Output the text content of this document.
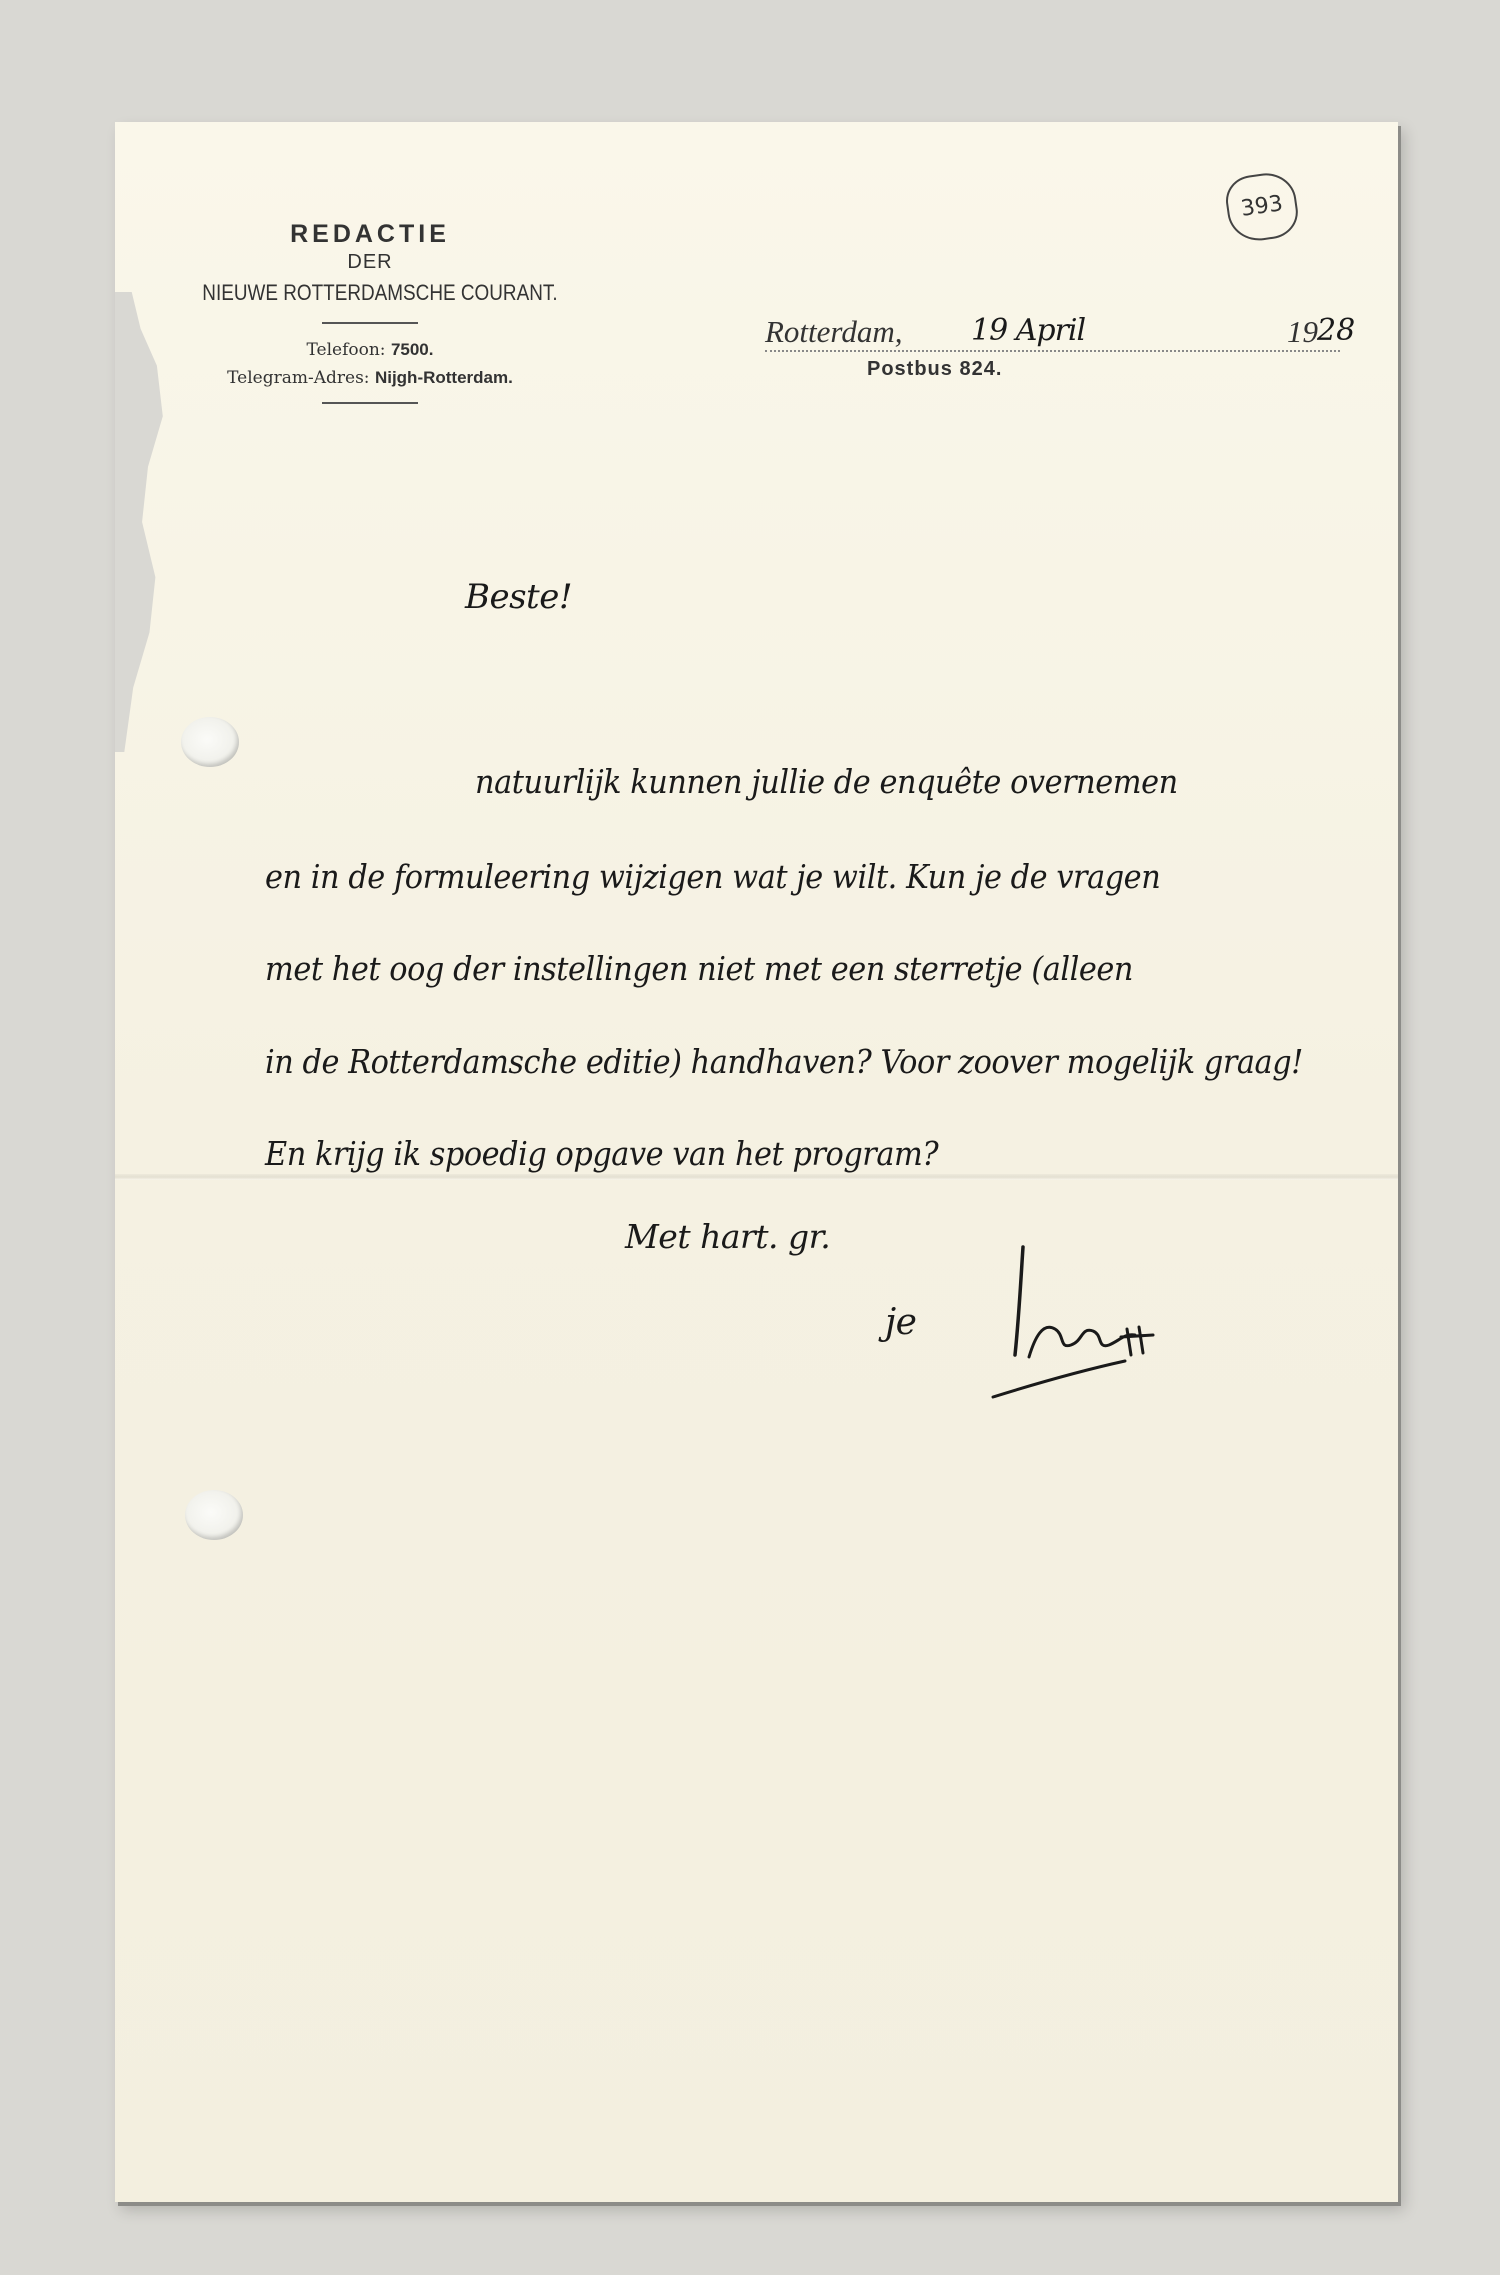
393
REDACTIE
DER
NIEUWE ROTTERDAMSCHE COURANT.
Telefoon: 7500.
Telegram-Adres: Nijgh-Rotterdam.
Rotterdam, 19 April	19 28
Postbus 824.
Beste!
natuurlijk kunnen jullie de enquête overnemen
en in de formuleering wijzigen wat je wilt. Kun je de vragen
met het oog der instellingen niet met een sterretje (alleen
in de Rotterdamsche editie) handhaven? Voor zoover mogelijk graag!
En krijg ik spoedig opgave van het program?
Met hart. gr.
je
